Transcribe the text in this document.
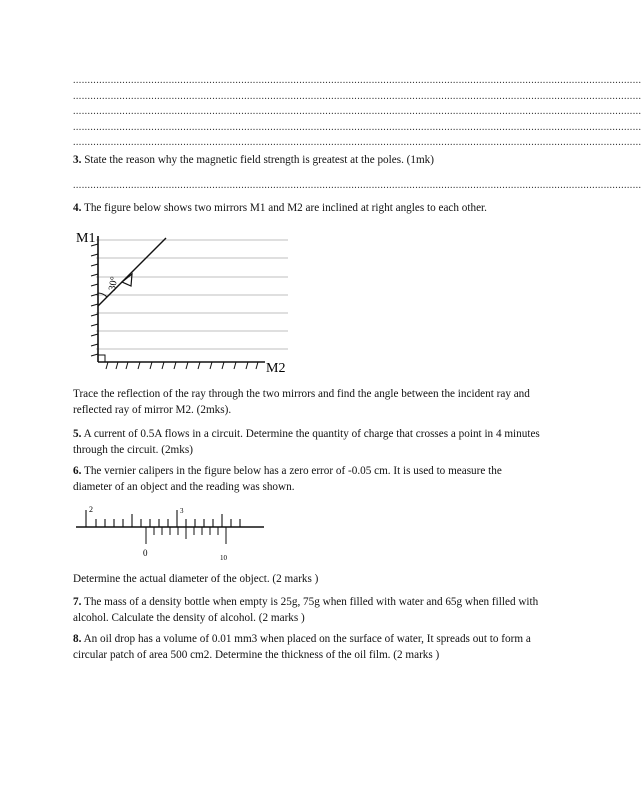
....................................................................................................................................................................................................
....................................................................................................................................................................................................
....................................................................................................................................................................................................
....................................................................................................................................................................................................
....................................................................................................................................................................................................
3. State the reason why the magnetic field strength is greatest at the poles. (1mk)
....................................................................................................................................................................................................
4. The figure below shows two mirrors M1 and M2 are inclined at right angles to each other.
30°
M1
M2
Trace the reflection of the ray through the two mirrors and find the angle between the incident ray and reflected ray of mirror M2. (2mks).
5. A current of 0.5A flows in a circuit. Determine the quantity of charge that crosses a point in 4 minutes through the circuit. (2mks)
6. The vernier calipers in the figure below has a zero error of -0.05 cm. It is used to measure the diameter of an object and the reading was shown.
2	3
0	10
Determine the actual diameter of the object. (2 marks )
7. The mass of a density bottle when empty is 25g, 75g when filled with water and 65g when filled with alcohol. Calculate the density of alcohol. (2 marks )
8. An oil drop has a volume of 0.01 mm3 when placed on the surface of water, It spreads out to form a circular patch of area 500 cm2. Determine the thickness of the oil film. (2 marks )
